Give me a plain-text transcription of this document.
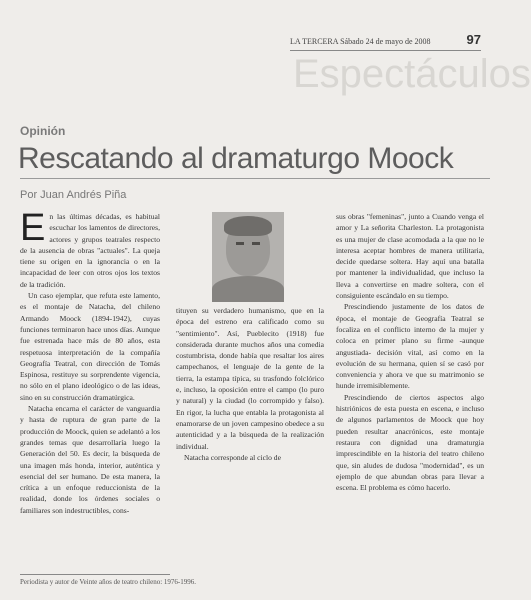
Espectáculos
LA TERCERA Sábado 24 de mayo de 2008	97
Opinión
Rescatando al dramaturgo Moock
Por Juan Andrés Piña

En las últimas décadas, es habitual escuchar los lamentos de directores, actores y grupos teatrales respecto de la ausencia de obras "actuales". La queja tiene su origen en la ignorancia o en la incapacidad de leer con otros ojos los textos de la tradición.

Un caso ejemplar, que refuta este lamento, es el montaje de Natacha, del chileno Armando Moock (1894-1942), cuyas funciones terminaron hace unos días. Aunque fue estrenada hace más de 80 años, esta respetuosa interpretación de la compañía Geografía Teatral, con dirección de Tomás Espinosa, restituye su sorprendente vigencia, no sólo en el plano ideológico o de las ideas, sino en su construcción dramatúrgica.

Natacha encarna el carácter de vanguardia y hasta de ruptura de gran parte de la producción de Moock, quien se adelantó a los grandes temas que desarrollaría luego la Generación del 50. Es decir, la búsqueda de una imagen más honda, interior, auténtica y esencial del ser humano. De esta manera, la crítica a un enfoque reduccionista de la realidad, donde los órdenes sociales o familiares son indestructibles, cons-

tituyen su verdadero humanismo, que en la época del estreno era calificado como su "sentimiento". Así, Pueblecito (1918) fue considerada durante muchos años una comedia costumbrista, donde había que resaltar los aires campechanos, el lenguaje de la gente de la tierra, la estampa típica, su trasfondo folclórico e, incluso, la oposición entre el campo (lo puro y natural) y la ciudad (lo corrompido y falso). En rigor, la lucha que entabla la protagonista al enamorarse de un joven campesino obedece a su autenticidad y a la búsqueda de la realización individual.

Natacha corresponde al ciclo de

sus obras "femeninas", junto a Cuando venga el amor y La señorita Charleston. La protagonista es una mujer de clase acomodada a la que no le interesa aceptar hombres de manera utilitaria, decide quedarse soltera. Hay aquí una batalla por mantener la individualidad, que incluso la lleva a convertirse en madre soltera, con el consiguiente escándalo en su tiempo.

Prescindiendo justamente de los datos de época, el montaje de Geografía Teatral se focaliza en el conflicto interno de la mujer y coloca en primer plano su firme -aunque angustiada- decisión vital, así como en la evolución de su hermana, quien sí se casó por conveniencia y ahora ve que su matrimonio se hunde irremisiblemente.

Prescindiendo de ciertos aspectos algo histriónicos de esta puesta en escena, e incluso de algunos parlamentos de Moock que hoy pueden resultar anacrónicos, este montaje restaura con dignidad una dramaturgia imprescindible en la historia del teatro chileno que, sin aludes de dudosa "modernidad", es un ejemplo de que abundan obras para llevar a escena. El problema es cómo hacerlo.

Periodista y autor de Veinte años de teatro chileno: 1976-1996.
